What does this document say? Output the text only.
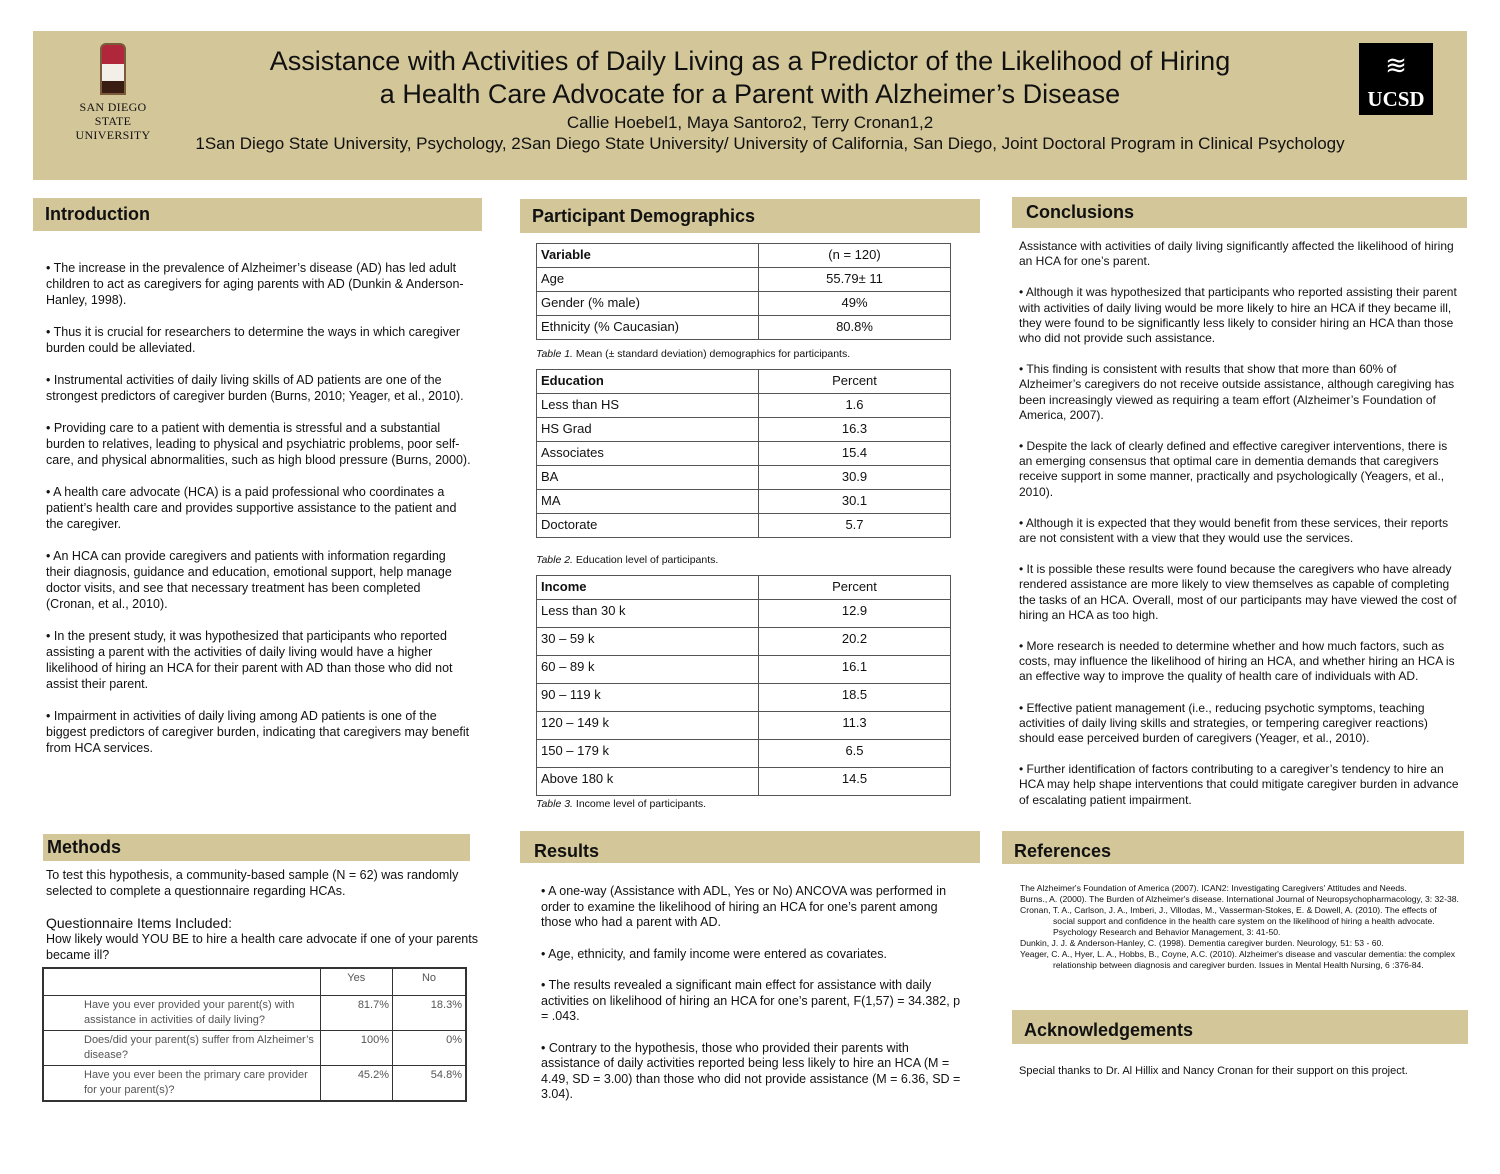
SAN DIEGO STATE UNIVERSITY
Assistance with Activities of Daily Living as a Predictor of the Likelihood of Hiring
a Health Care Advocate for a Parent with Alzheimer’s Disease
Callie Hoebel1, Maya Santoro2, Terry Cronan1,2
1San Diego State University, Psychology, 2San Diego State University/ University of California, San Diego, Joint Doctoral Program in Clinical Psychology
≋
UCSD
Introduction

• The increase in the prevalence of Alzheimer’s disease (AD) has led adult children to act as caregivers for aging parents with AD (Dunkin & Anderson-Hanley, 1998).

• Thus it is crucial for researchers to determine the ways in which caregiver burden could be alleviated.

• Instrumental activities of daily living skills of AD patients are one of the strongest predictors of caregiver burden (Burns, 2010; Yeager, et al., 2010).

• Providing care to a patient with dementia is stressful and a substantial burden to relatives, leading to physical and psychiatric problems, poor self-care, and physical abnormalities, such as high blood pressure (Burns, 2000).

• A health care advocate (HCA) is a paid professional who coordinates a patient’s health care and provides supportive assistance to the patient and the caregiver.

• An HCA can provide caregivers and patients with information regarding their diagnosis, guidance and education, emotional support, help manage doctor visits, and see that necessary treatment has been completed (Cronan, et al., 2010).

• In the present study, it was hypothesized that participants who reported assisting a parent with the activities of daily living would have a higher likelihood of hiring an HCA for their parent with AD than those who did not assist their parent.

• Impairment in activities of daily living among AD patients is one of the biggest predictors of caregiver burden, indicating that caregivers may benefit from HCA services.

Methods
To test this hypothesis, a community-based sample (N = 62) was randomly selected to complete a questionnaire regarding HCAs.
Questionnaire Items Included:
How likely would YOU BE to hire a health care advocate if one of your parents became ill?
	Yes	No
Have you ever provided your parent(s) with assistance in activities of daily living?	81.7%	18.3%
Does/did your parent(s) suffer from Alzheimer’s disease?	100%	0%
Have you ever been the primary care provider for your parent(s)?	45.2%	54.8%
Participant Demographics
Variable	(n = 120)
Age	55.79± 11
Gender (% male)	49%
Ethnicity (% Caucasian)	80.8%
Table 1. Mean (± standard deviation) demographics for participants.
Education	Percent
Less than HS	1.6
HS Grad	16.3
Associates	15.4
BA	30.9
MA	30.1
Doctorate	5.7
Table 2. Education level of participants.
Income	Percent
Less than 30 k	12.9
30 – 59 k	20.2
60 – 89 k	16.1
90 – 119 k	18.5
120 – 149 k	11.3
150 – 179 k	6.5
Above 180 k	14.5
Table 3. Income level of participants.
Results

• A one-way (Assistance with ADL, Yes or No) ANCOVA was performed in order to examine the likelihood of hiring an HCA for one’s parent among those who had a parent with AD.

• Age, ethnicity, and family income were entered as covariates.

• The results revealed a significant main effect for assistance with daily activities on likelihood of hiring an HCA for one’s parent, F(1,57) = 34.382, p = .043.

• Contrary to the hypothesis, those who provided their parents with assistance of daily activities reported being less likely to hire an HCA (M = 4.49, SD = 3.00) than those who did not provide assistance (M = 6.36, SD = 3.04).

Conclusions

Assistance with activities of daily living significantly affected the likelihood of hiring an HCA for one’s parent.

• Although it was hypothesized that participants who reported assisting their parent with activities of daily living would be more likely to hire an HCA if they became ill, they were found to be significantly less likely to consider hiring an HCA than those who did not provide such assistance.

• This finding is consistent with results that show that more than 60% of Alzheimer’s caregivers do not receive outside assistance, although caregiving has been increasingly viewed as requiring a team effort (Alzheimer’s Foundation of America, 2007).

• Despite the lack of clearly defined and effective caregiver interventions, there is an emerging consensus that optimal care in dementia demands that caregivers receive support in some manner, practically and psychologically (Yeagers, et al., 2010).

• Although it is expected that they would benefit from these services, their reports are not consistent with a view that they would use the services.

• It is possible these results were found because the caregivers who have already rendered assistance are more likely to view themselves as capable of completing the tasks of an HCA. Overall, most of our participants may have viewed the cost of hiring an HCA as too high.

• More research is needed to determine whether and how much factors, such as costs, may influence the likelihood of hiring an HCA, and whether hiring an HCA is an effective way to improve the quality of health care of individuals with AD.

• Effective patient management (i.e., reducing psychotic symptoms, teaching activities of daily living skills and strategies, or tempering caregiver reactions) should ease perceived burden of caregivers (Yeager, et al., 2010).

• Further identification of factors contributing to a caregiver’s tendency to hire an HCA may help shape interventions that could mitigate caregiver burden in advance of escalating patient impairment.

References
The Alzheimer's Foundation of America (2007). ICAN2: Investigating Caregivers' Attitudes and Needs.
Burns., A. (2000). The Burden of Alzheimer's disease. International Journal of Neuropsychopharmacology, 3: 32-38.
Cronan, T. A., Carlson, J. A., Imberi, J., Villodas, M., Vasserman-Stokes, E. & Dowell, A. (2010). The effects of social support and confidence in the health care system on the likelihood of hiring a health advocate. Psychology Research and Behavior Management, 3: 41-50.
Dunkin, J. J. & Anderson-Hanley, C. (1998). Dementia caregiver burden. Neurology, 51: 53 - 60.
Yeager, C. A., Hyer, L. A., Hobbs, B., Coyne, A.C. (2010). Alzheimer's disease and vascular dementia: the complex relationship between diagnosis and caregiver burden. Issues in Mental Health Nursing, 6 :376-84.
Acknowledgements
Special thanks to Dr. Al Hillix and Nancy Cronan for their support on this project.
